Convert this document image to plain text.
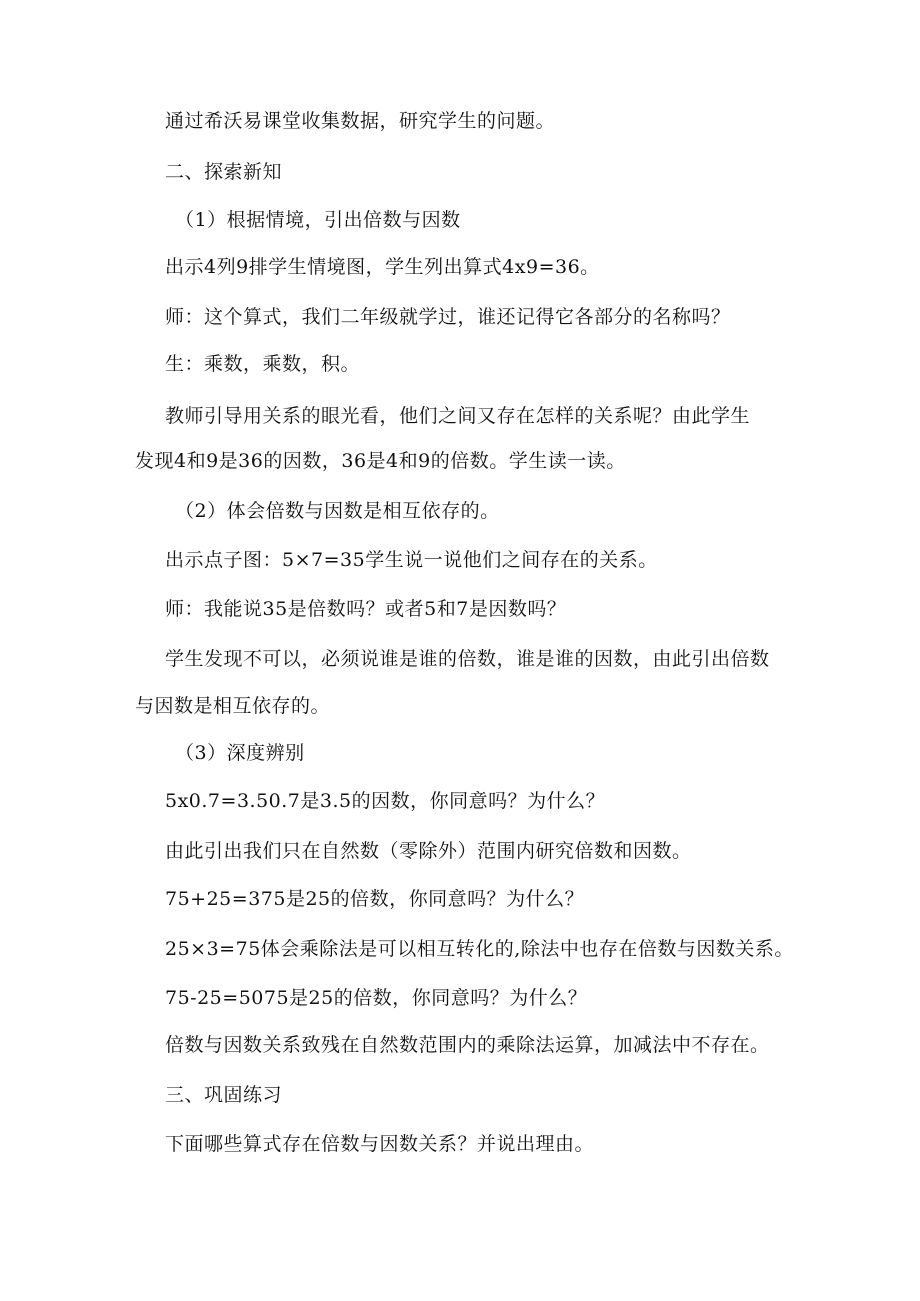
通过希沃易课堂收集数据，研究学生的问题。
二、探索新知
（1）根据情境，引出倍数与因数
出示4列9排学生情境图，学生列出算式4x9=36。
师：这个算式，我们二年级就学过，谁还记得它各部分的名称吗？
生：乘数，乘数，积。
教师引导用关系的眼光看，他们之间又存在怎样的关系呢？由此学生
发现4和9是36的因数，36是4和9的倍数。学生读一读。
（2）体会倍数与因数是相互依存的。
出示点子图：5×7=35学生说一说他们之间存在的关系。
师：我能说35是倍数吗？或者5和7是因数吗？
学生发现不可以，必须说谁是谁的倍数，谁是谁的因数，由此引出倍数
与因数是相互依存的。
（3）深度辨别
5x0.7=3.50.7是3.5的因数，你同意吗？为什么？
由此引出我们只在自然数（零除外）范围内研究倍数和因数。
75+25=375是25的倍数，你同意吗？为什么？
25×3=75体会乘除法是可以相互转化的,除法中也存在倍数与因数关系。
75-25=5075是25的倍数，你同意吗？为什么？
倍数与因数关系致残在自然数范围内的乘除法运算，加减法中不存在。
三、巩固练习
下面哪些算式存在倍数与因数关系？并说出理由。
